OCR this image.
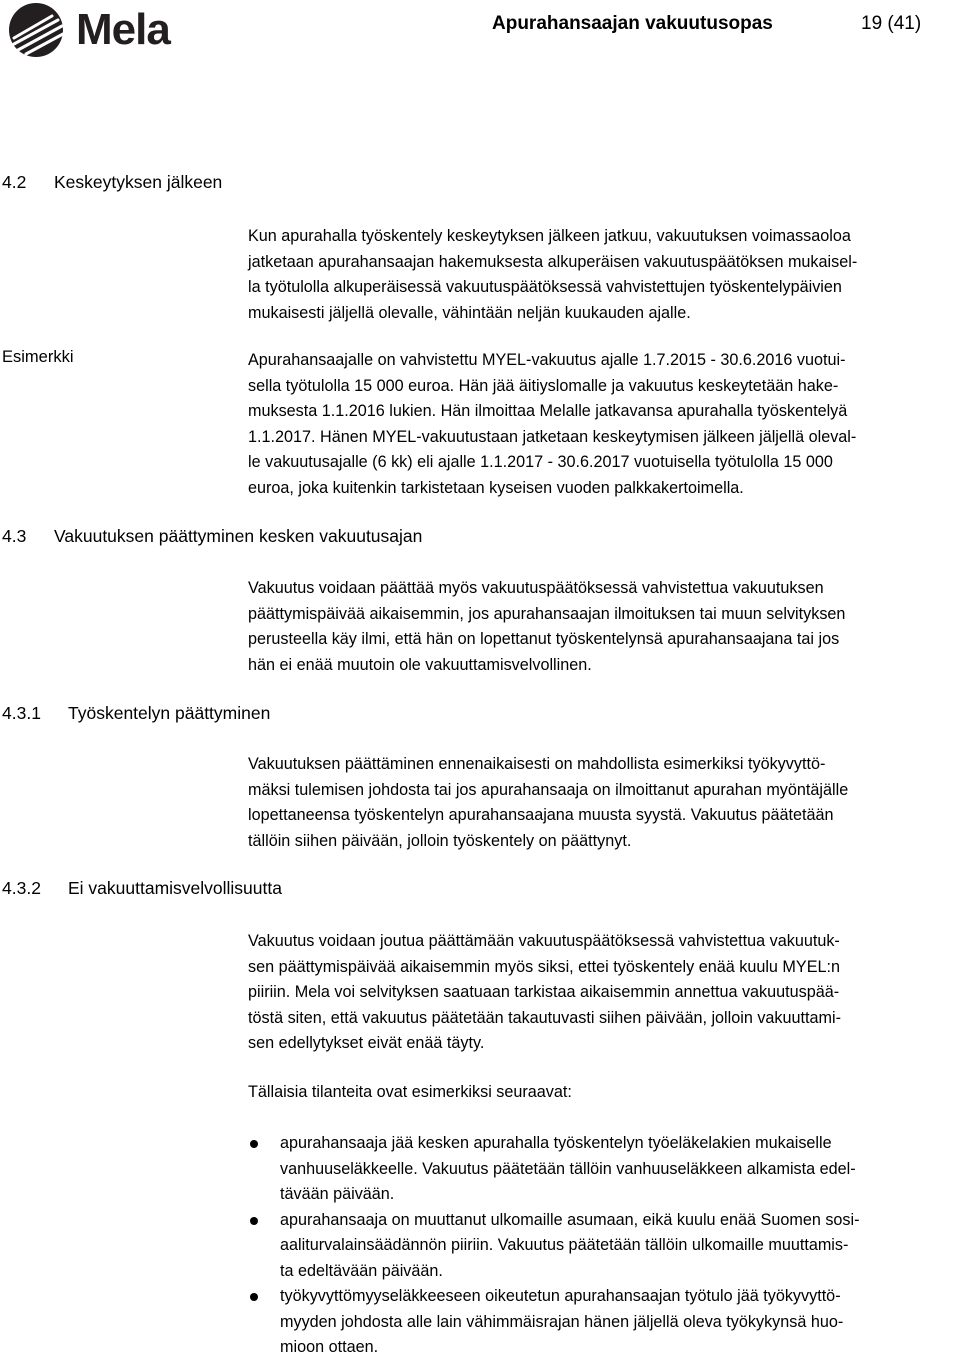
Mela	Apurahansaajan vakuutusopas	19 (41)
4.2 Keskeytyksen jälkeen

Kun apurahalla työskentely keskeytyksen jälkeen jatkuu, vakuutuksen voimassaoloa
jatketaan apurahansaajan hakemuksesta alkuperäisen vakuutuspäätöksen mukaisel-
la työtulolla alkuperäisessä vakuutuspäätöksessä vahvistettujen työskentelypäivien
mukaisesti jäljellä olevalle, vähintään neljän kuukauden ajalle.

Esimerkki	Apurahansaajalle on vahvistettu MYEL-vakuutus ajalle 1.7.2015 - 30.6.2016 vuotui-
sella työtulolla 15 000 euroa. Hän jää äitiyslomalle ja vakuutus keskeytetään hake-
muksesta 1.1.2016 lukien. Hän ilmoittaa Melalle jatkavansa apurahalla työskentelyä
1.1.2017. Hänen MYEL-vakuutustaan jatketaan keskeytymisen jälkeen jäljellä oleval-
le vakuutusajalle (6 kk) eli ajalle 1.1.2017 - 30.6.2017 vuotuisella työtulolla 15 000
euroa, joka kuitenkin tarkistetaan kyseisen vuoden palkkakertoimella.

4.3 Vakuutuksen päättyminen kesken vakuutusajan

Vakuutus voidaan päättää myös vakuutuspäätöksessä vahvistettua vakuutuksen
päättymispäivää aikaisemmin, jos apurahansaajan ilmoituksen tai muun selvityksen
perusteella käy ilmi, että hän on lopettanut työskentelynsä apurahansaajana tai jos
hän ei enää muutoin ole vakuuttamisvelvollinen.

4.3.1 Työskentelyn päättyminen

Vakuutuksen päättäminen ennenaikaisesti on mahdollista esimerkiksi työkyvyttö-
mäksi tulemisen johdosta tai jos apurahansaaja on ilmoittanut apurahan myöntäjälle
lopettaneensa työskentelyn apurahansaajana muusta syystä. Vakuutus päätetään
tällöin siihen päivään, jolloin työskentely on päättynyt.

4.3.2 Ei vakuuttamisvelvollisuutta

Vakuutus voidaan joutua päättämään vakuutuspäätöksessä vahvistettua vakuutuk-
sen päättymispäivää aikaisemmin myös siksi, ettei työskentely enää kuulu MYEL:n
piiriin. Mela voi selvityksen saatuaan tarkistaa aikaisemmin annettua vakuutuspää-
töstä siten, että vakuutus päätetään takautuvasti siihen päivään, jolloin vakuuttami-
sen edellytykset eivät enää täyty.

Tällaisia tilanteita ovat esimerkiksi seuraavat:

apurahansaaja jää kesken apurahalla työskentelyn työeläkelakien mukaiselle
vanhuuseläkkeelle. Vakuutus päätetään tällöin vanhuuseläkkeen alkamista edel-
tävään päivään.
apurahansaaja on muuttanut ulkomaille asumaan, eikä kuulu enää Suomen sosi-
aaliturvalainsäädännön piiriin. Vakuutus päätetään tällöin ulkomaille muuttamis-
ta edeltävään päivään.
työkyvyttömyyseläkkeeseen oikeutetun apurahansaajan työtulo jää työkyvyttö-
myyden johdosta alle lain vähimmäisrajan hänen jäljellä oleva työkykynsä huo-
mioon ottaen.
